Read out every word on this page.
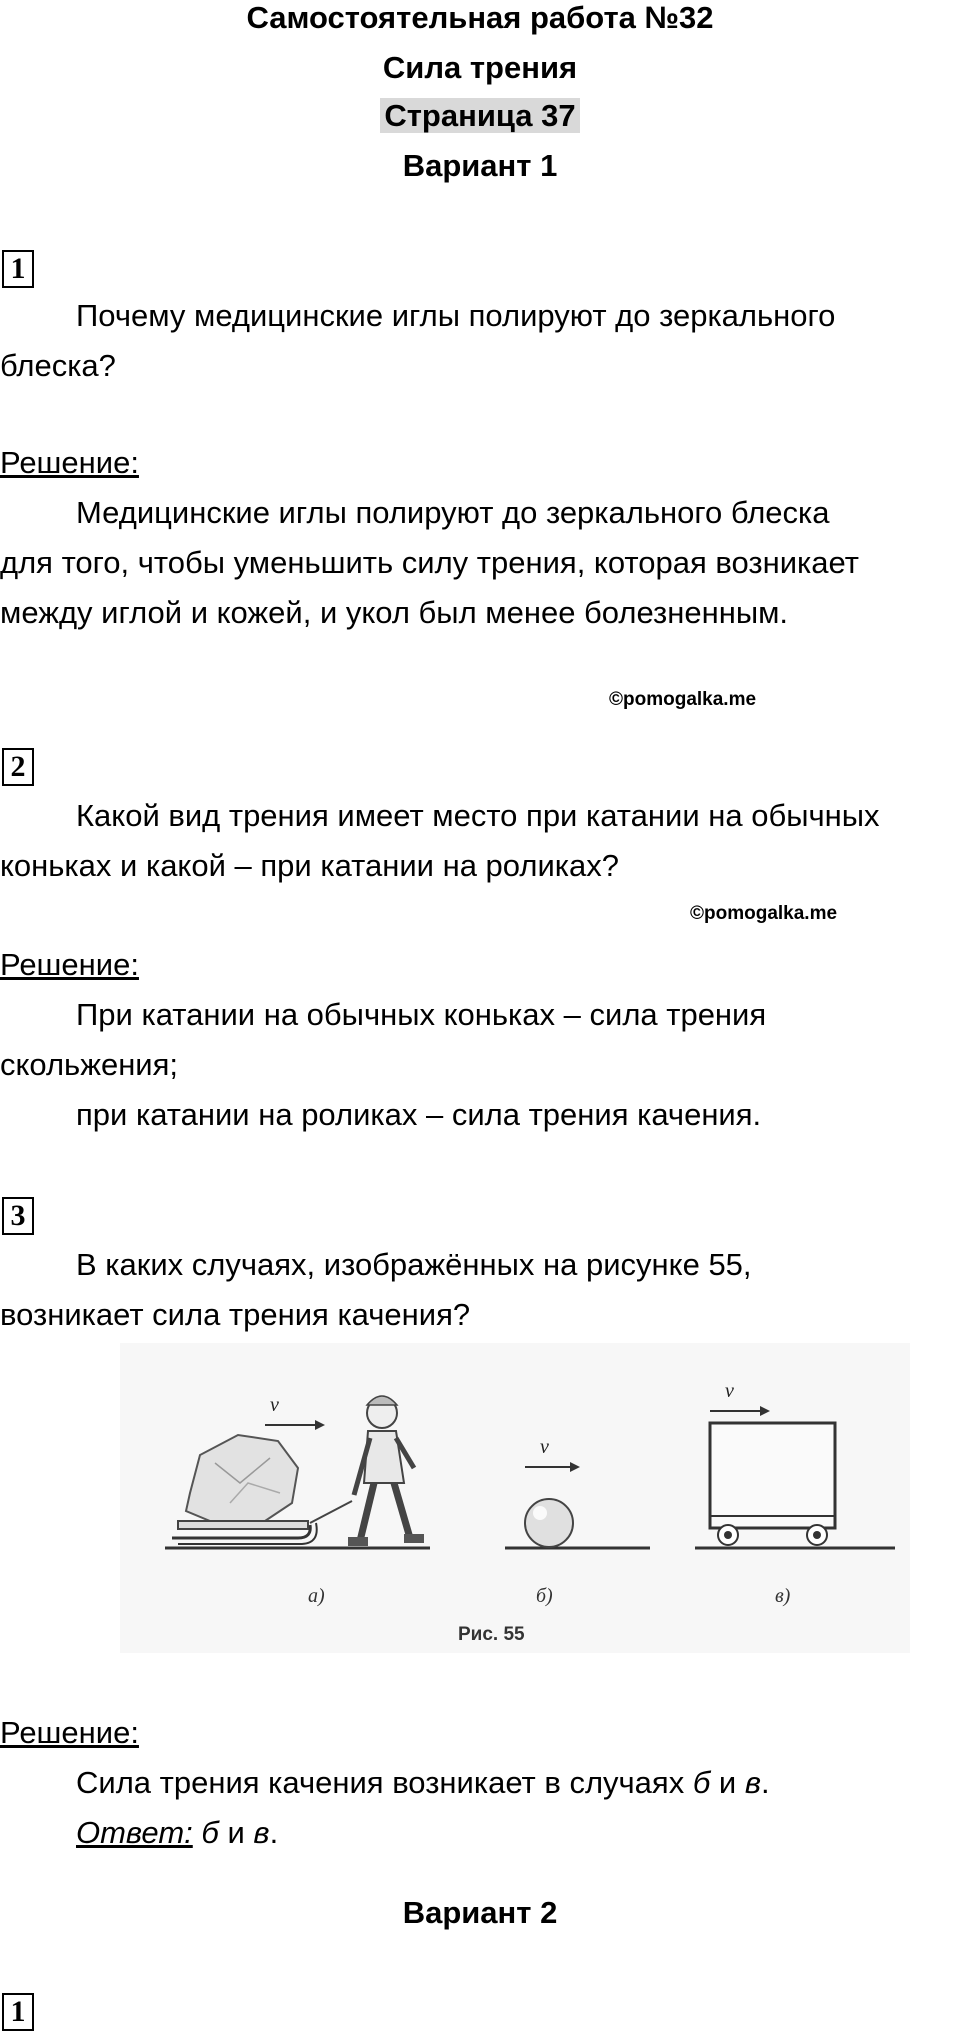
Самостоятельная работа №32
Сила трения
Страница 37
Вариант 1
1
Почему медицинские иглы полируют до зеркального
блеска?
Решение:
Медицинские иглы полируют до зеркального блеска
для того, чтобы уменьшить силу трения, которая возникает
между иглой и кожей, и укол был менее болезненным.
©pomogalka.me
2
Какой вид трения имеет место при катании на обычных
коньках и какой – при катании на роликах?
©pomogalka.me
Решение:
При катании на обычных коньках – сила трения
скольжения;
при катании на роликах – сила трения качения.
3
В каких случаях, изображённых на рисунке 55,
возникает сила трения качения?
v
v
v
а)	б)	в)
Рис. 55
Решение:
Сила трения качения возникает в случаях б и в.
Ответ: б и в.
Вариант 2
1
